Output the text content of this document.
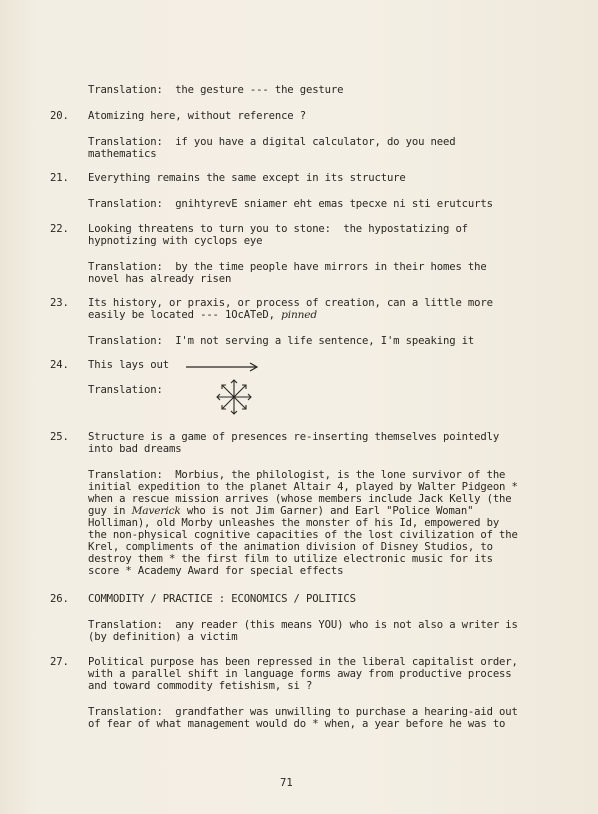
Translation:  the gesture --- the gesture
20. Atomizing here, without reference ?
Translation:  if you have a digital calculator, do you need
mathematics
21. Everything remains the same except in its structure
Translation:  gnihtyrevE sniamer eht emas tpecxe ni sti erutcurts
22. Looking threatens to turn you to stone:  the hypostatizing of
hypnotizing with cyclops eye
Translation:  by the time people have mirrors in their homes the
novel has already risen
23. Its history, or praxis, or process of creation, can a little more
easily be located --- 1OcATeD, pinned
Translation:  I'm not serving a life sentence, I'm speaking it
24. This lays out
Translation:
25. Structure is a game of presences re-inserting themselves pointedly
into bad dreams
Translation:  Morbius, the philologist, is the lone survivor of the
initial expedition to the planet Altair 4, played by Walter Pidgeon *
when a rescue mission arrives (whose members include Jack Kelly (the
guy in Maverick who is not Jim Garner) and Earl "Police Woman"
Holliman), old Morby unleashes the monster of his Id, empowered by
the non-physical cognitive capacities of the lost civilization of the
Krel, compliments of the animation division of Disney Studios, to
destroy them * the first film to utilize electronic music for its
score * Academy Award for special effects
26. COMMODITY / PRACTICE : ECONOMICS / POLITICS
Translation:  any reader (this means YOU) who is not also a writer is
(by definition) a victim
27. Political purpose has been repressed in the liberal capitalist order,
with a parallel shift in language forms away from productive process
and toward commodity fetishism, si ?
Translation:  grandfather was unwilling to purchase a hearing-aid out
of fear of what management would do * when, a year before he was to
71
